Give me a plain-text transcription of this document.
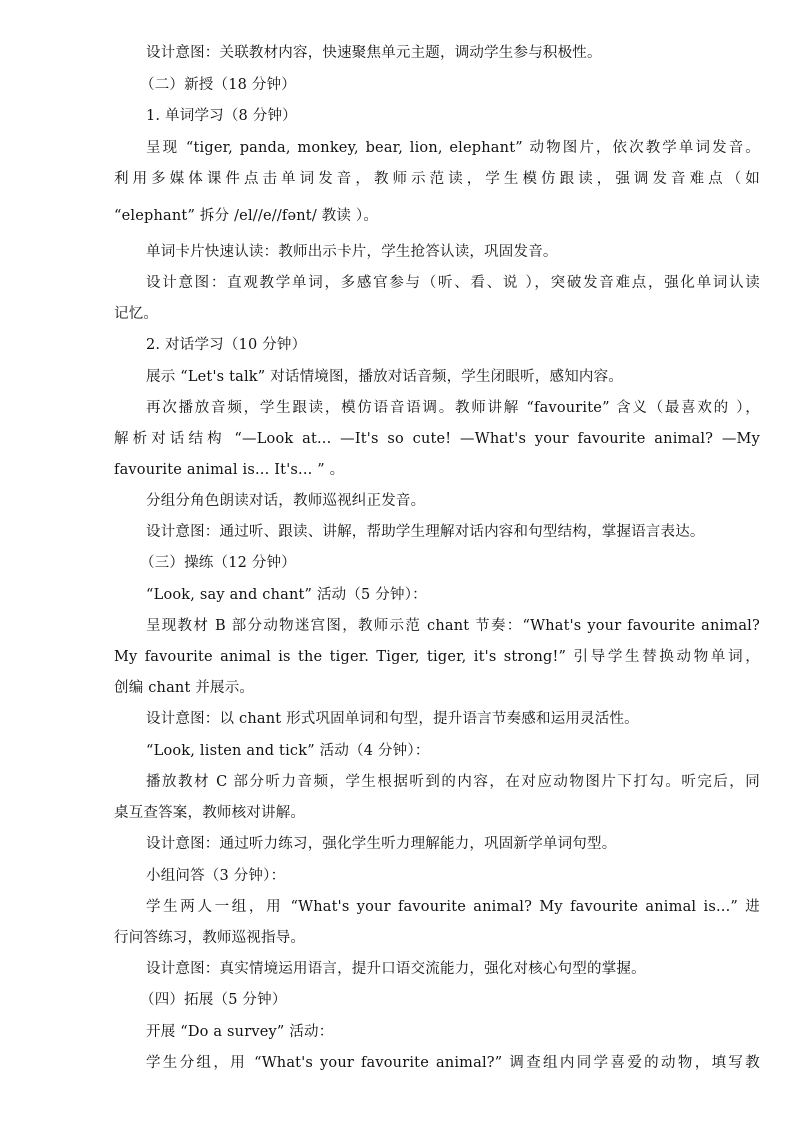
设计意图：关联教材内容，快速聚焦单元主题，调动学生参与积极性。
（二）新授（18 分钟）
1. 单词学习（8 分钟）
呈现 “tiger, panda, monkey, bear, lion, elephant” 动物图片，依次教学单词发音。
利用多媒体课件点击单词发音，教师示范读，学生模仿跟读，强调发音难点（如
“elephant” 拆分 /el//e//fənt/ 教读 ）。
单词卡片快速认读：教师出示卡片，学生抢答认读，巩固发音。
设计意图：直观教学单词，多感官参与（听、看、说 ），突破发音难点，强化单词认读
记忆。
2. 对话学习（10 分钟）
展示 “Let's talk” 对话情境图，播放对话音频，学生闭眼听，感知内容。
再次播放音频，学生跟读，模仿语音语调。教师讲解 “favourite” 含义（最喜欢的 ），
解析对话结构 “—Look at... —It's so cute! —What's your favourite animal? —My
favourite animal is... It's... ” 。
分组分角色朗读对话，教师巡视纠正发音。
设计意图：通过听、跟读、讲解，帮助学生理解对话内容和句型结构，掌握语言表达。
（三）操练（12 分钟）
“Look, say and chant” 活动（5 分钟）：
呈现教材 B 部分动物迷宫图，教师示范 chant 节奏：“What's your favourite animal?
My favourite animal is the tiger. Tiger, tiger, it's strong!” 引导学生替换动物单词，
创编 chant 并展示。
设计意图：以 chant 形式巩固单词和句型，提升语言节奏感和运用灵活性。
“Look, listen and tick” 活动（4 分钟）：
播放教材 C 部分听力音频，学生根据听到的内容，在对应动物图片下打勾。听完后，同
桌互查答案，教师核对讲解。
设计意图：通过听力练习，强化学生听力理解能力，巩固新学单词句型。
小组问答（3 分钟）：
学生两人一组，用 “What's your favourite animal? My favourite animal is...” 进
行问答练习，教师巡视指导。
设计意图：真实情境运用语言，提升口语交流能力，强化对核心句型的掌握。
（四）拓展（5 分钟）
开展 “Do a survey” 活动：
学生分组，用 “What's your favourite animal?” 调查组内同学喜爱的动物，填写教
